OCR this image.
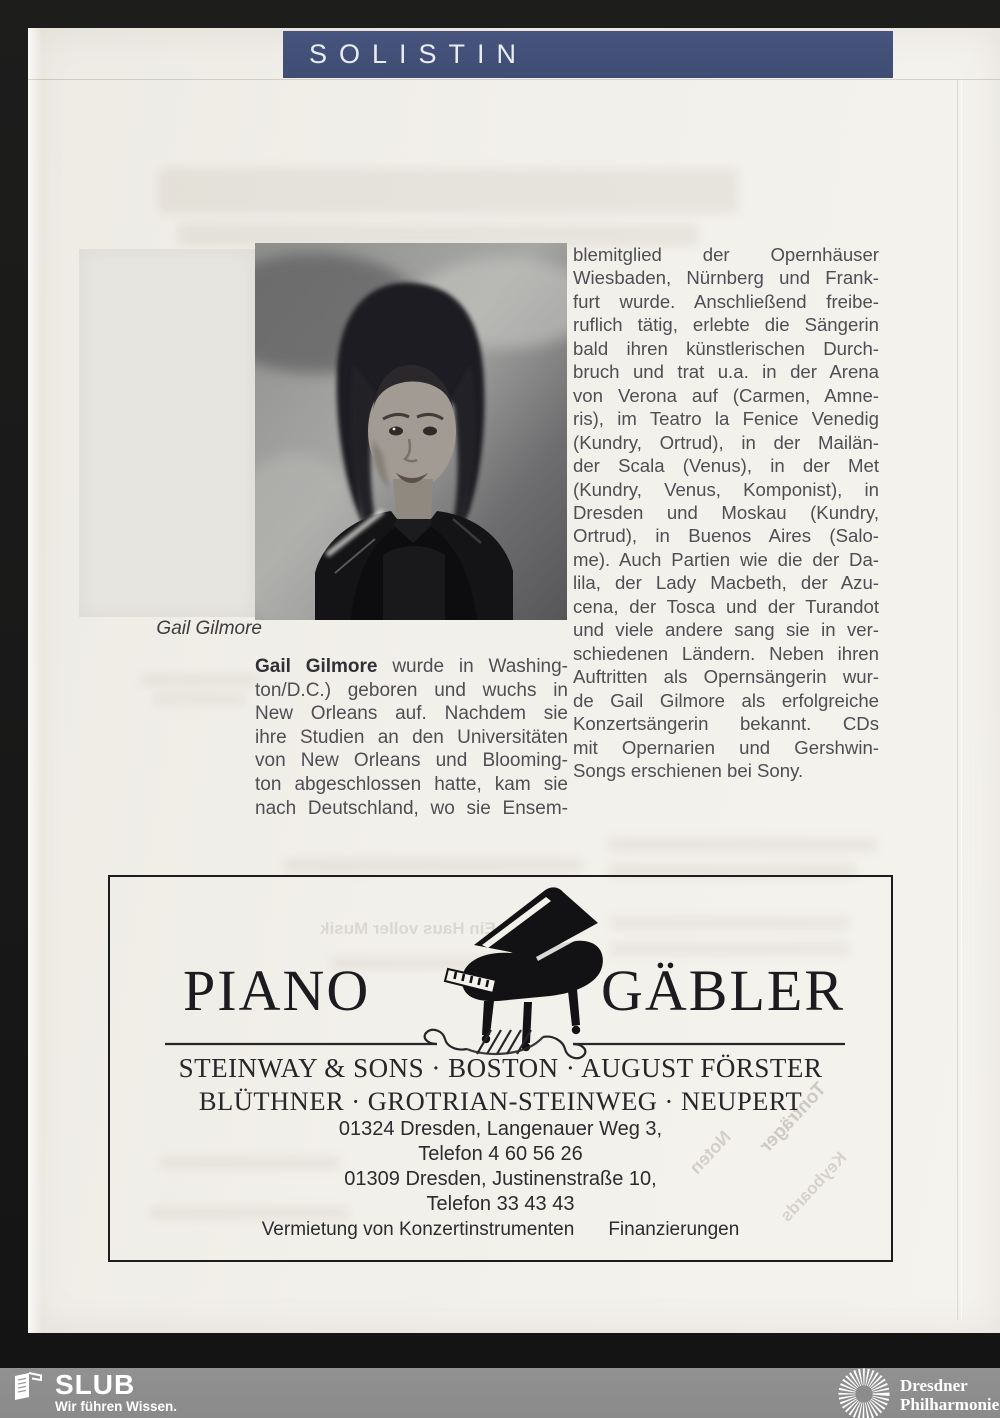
SOLISTIN
Gail Gilmore
Gail Gilmore wurde in Washing-
ton/D.C.) geboren und wuchs in
New Orleans auf. Nachdem sie
ihre Studien an den Universitäten
von New Orleans und Blooming-
ton abgeschlossen hatte, kam sie
nach Deutschland, wo sie Ensem-
blemitglied der Opernhäuser
Wiesbaden, Nürnberg und Frank-
furt wurde. Anschließend freibe-
ruflich tätig, erlebte die Sängerin
bald ihren künstlerischen Durch-
bruch und trat u.a. in der Arena
von Verona auf (Carmen, Amne-
ris), im Teatro la Fenice Venedig
(Kundry, Ortrud), in der Mailän-
der Scala (Venus), in der Met
(Kundry, Venus, Komponist), in
Dresden und Moskau (Kundry,
Ortrud), in Buenos Aires (Salo-
me). Auch Partien wie die der Da-
lila, der Lady Macbeth, der Azu-
cena, der Tosca und der Turandot
und viele andere sang sie in ver-
schiedenen Ländern. Neben ihren
Auftritten als Opernsängerin wur-
de Gail Gilmore als erfolgreiche
Konzertsängerin bekannt. CDs
mit Opernarien und Gershwin-
Songs erschienen bei Sony.
Ein Haus voller Musik
Tonträger
Noten Keyboards
PIANO	GÄBLER
STEINWAY & SONS · BOSTON · AUGUST FÖRSTER
BLÜTHNER · GROTRIAN-STEINWEG · NEUPERT
01324 Dresden, Langenauer Weg 3,
Telefon 4 60 56 26
01309 Dresden, Justinenstraße 10,
Telefon 33 43 43
Vermietung von Konzertinstrumenten Finanzierungen
SLUB
Wir führen Wissen.
Dresdner
Philharmonie
